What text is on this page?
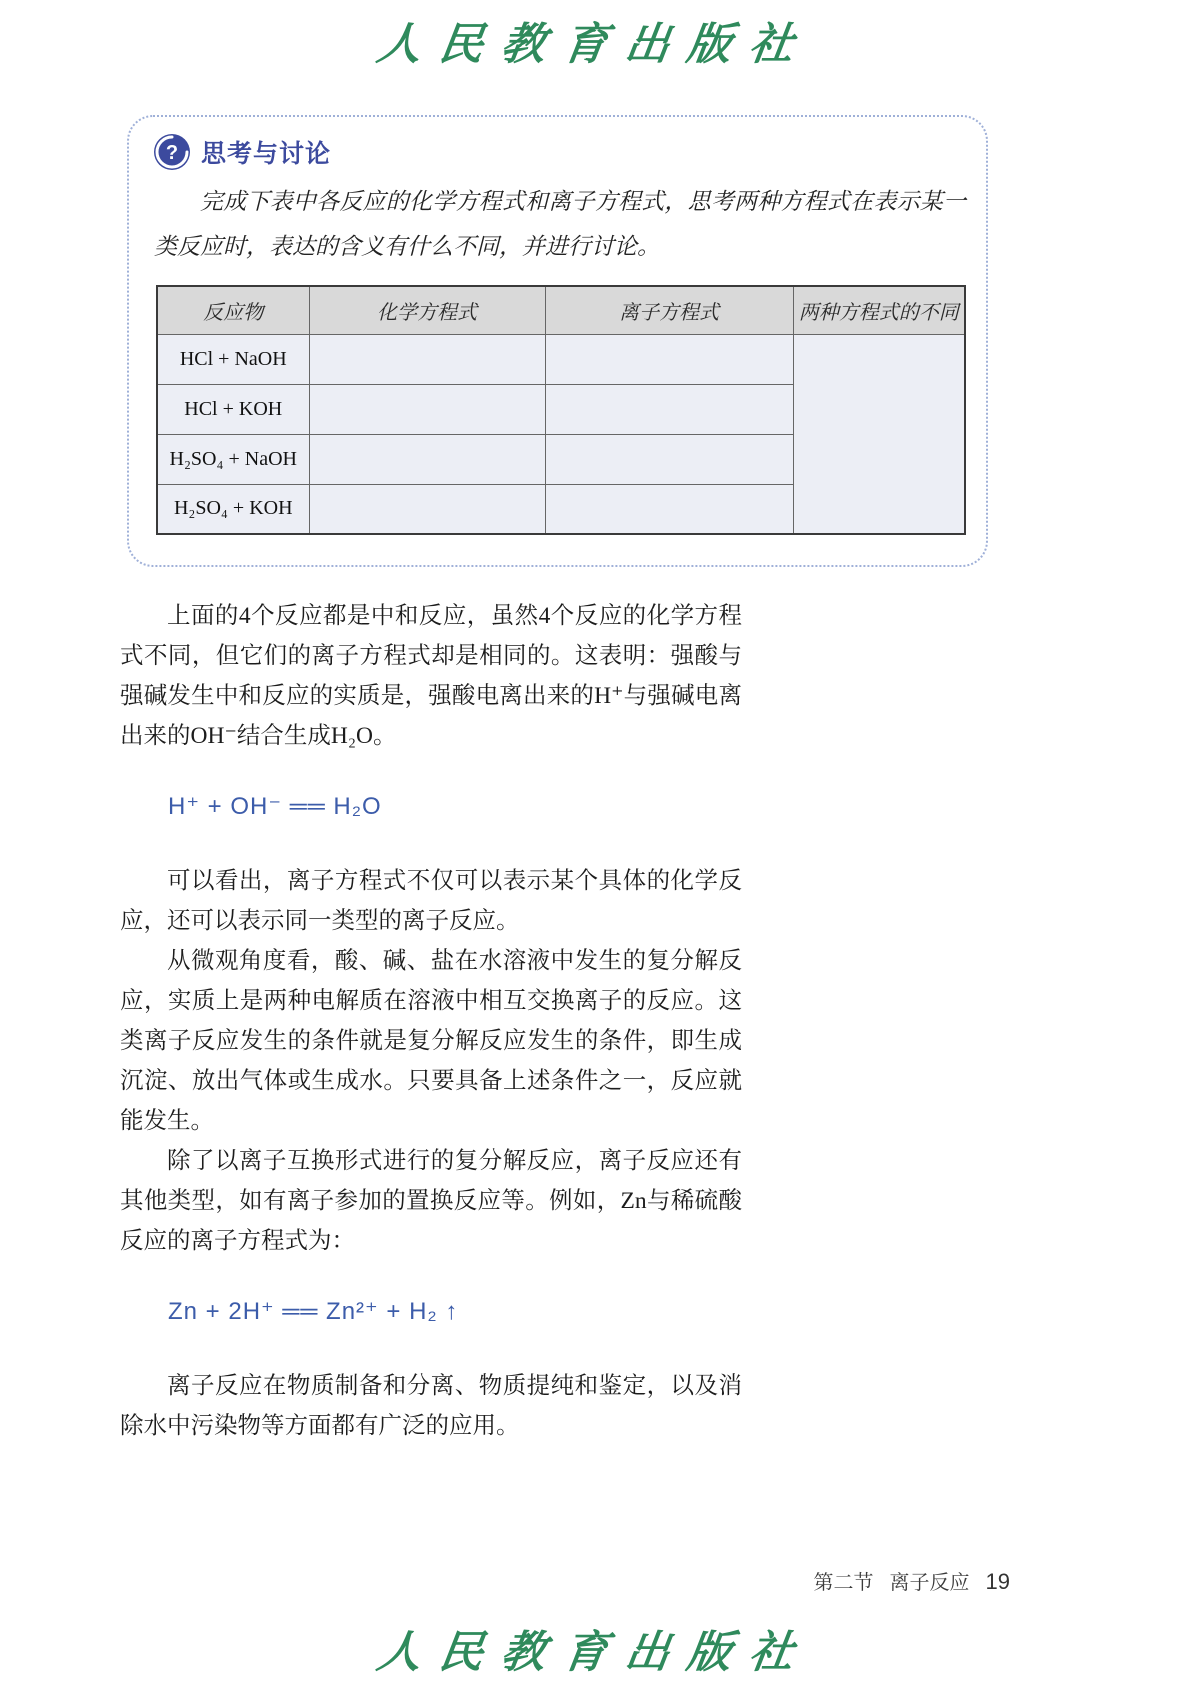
人民教育出版社
? 思考与讨论

完成下表中各反应的化学方程式和离子方程式，思考两种方程式在表示某一类反应时，表达的含义有什么不同，并进行讨论。

反应物	化学方程式	离子方程式	两种方程式的不同
HCl + NaOH			
HCl + KOH			
H₂SO₄ + NaOH			
H₂SO₄ + KOH			

上面的4个反应都是中和反应，虽然4个反应的化学方程式不同，但它们的离子方程式却是相同的。这表明：强酸与强碱发生中和反应的实质是，强酸电离出来的H⁺与强碱电离出来的OH⁻结合生成H₂O。

H⁺ + OH⁻ ══ H₂O

可以看出，离子方程式不仅可以表示某个具体的化学反应，还可以表示同一类型的离子反应。

从微观角度看，酸、碱、盐在水溶液中发生的复分解反应，实质上是两种电解质在溶液中相互交换离子的反应。这类离子反应发生的条件就是复分解反应发生的条件，即生成沉淀、放出气体或生成水。只要具备上述条件之一，反应就能发生。

除了以离子互换形式进行的复分解反应，离子反应还有其他类型，如有离子参加的置换反应等。例如，Zn与稀硫酸反应的离子方程式为：

Zn + 2H⁺ ══ Zn²⁺ + H₂ ↑

离子反应在物质制备和分离、物质提纯和鉴定，以及消除水中污染物等方面都有广泛的应用。

第二节 离子反应 19
人民教育出版社
